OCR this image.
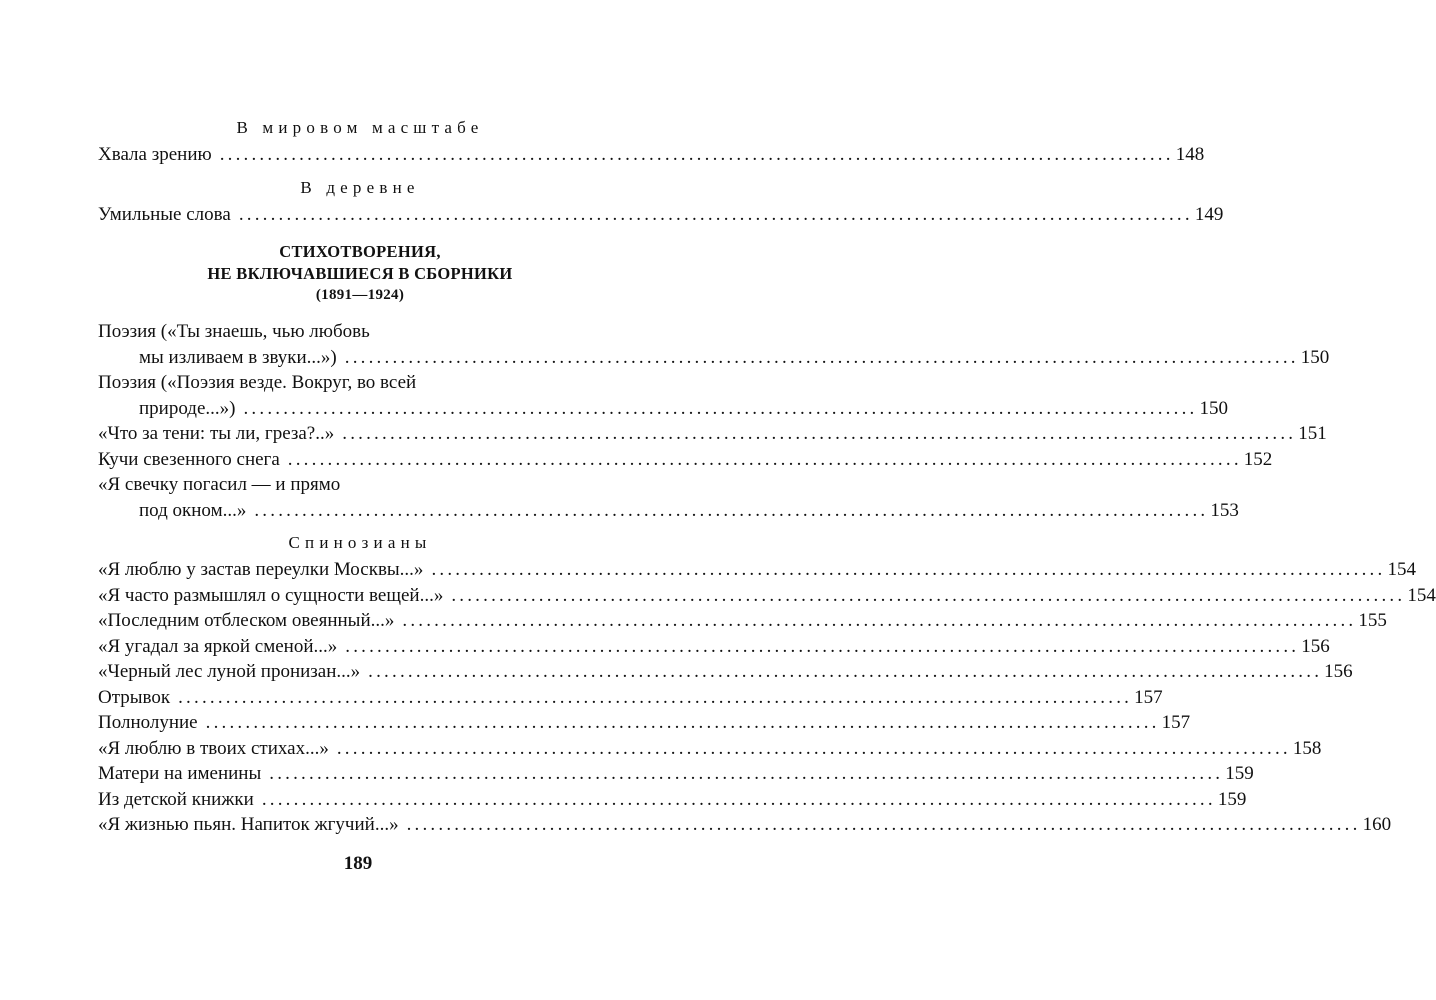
В мировом масштабе
Хвала зрению ........................................................................................................................ 148
В деревне
Умильные слова ........................................................................................................................ 149
СТИХОТВОРЕНИЯ,
НЕ ВКЛЮЧАВШИЕСЯ В СБОРНИКИ
(1891—1924)
Поэзия («Ты знаешь, чью любовь
мы изливаем в звуки...») ........................................................................................................................ 150
Поэзия («Поэзия везде. Вокруг, во всей
природе...») ........................................................................................................................ 150
«Что за тени: ты ли, греза?..» ........................................................................................................................ 151
Кучи свезенного снега ........................................................................................................................ 152
«Я свечку погасил — и прямо
под окном...» ........................................................................................................................ 153
Спинозианы
«Я люблю у застав переулки Москвы...» ........................................................................................................................ 154
«Я часто размышлял о сущности вещей...» ........................................................................................................................ 154
«Последним отблеском овеянный...» ........................................................................................................................ 155
«Я угадал за яркой сменой...» ........................................................................................................................ 156
«Черный лес луной пронизан...» ........................................................................................................................ 156
Отрывок ........................................................................................................................ 157
Полнолуние ........................................................................................................................ 157
«Я люблю в твоих стихах...» ........................................................................................................................ 158
Матери на именины ........................................................................................................................ 159
Из детской книжки ........................................................................................................................ 159
«Я жизнью пьян. Напиток жгучий...» ........................................................................................................................ 160
189
